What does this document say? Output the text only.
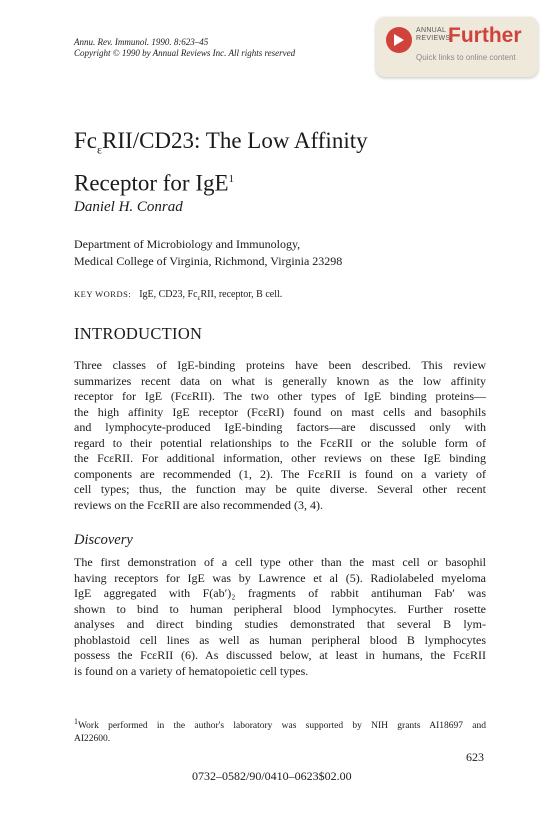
Annu. Rev. Immunol. 1990. 8:623–45
Copyright © 1990 by Annual Reviews Inc. All rights reserved
ANNUAL
REVIEWS
Further
Quick links to online content
$Fc_\varepsilon RII/CD23$: The Low Affinity
Receptor for IgE$^1$
Daniel H. Conrad
Department of Microbiology and Immunology,
Medical College of Virginia, Richmond, Virginia 23298
KEY WORDS: IgE, CD23, $Fc_\varepsilon RII$, receptor, B cell.
INTRODUCTION
Three classes of IgE-binding proteins have been described. This review
summarizes recent data on what is generally known as the low affinity
receptor for IgE (FcεRII). The two other types of IgE binding proteins—
the high affinity IgE receptor (FcεRI) found on mast cells and basophils
and lymphocyte-produced IgE-binding factors—are discussed only with
regard to their potential relationships to the FcεRII or the soluble form of
the FcεRII. For additional information, other reviews on these IgE binding
components are recommended (1, 2). The FcεRII is found on a variety of
cell types; thus, the function may be quite diverse. Several other recent
reviews on the FcεRII are also recommended (3, 4).
Discovery
The first demonstration of a cell type other than the mast cell or basophil
having receptors for IgE was by Lawrence et al (5). Radiolabeled myeloma
IgE aggregated with F(ab′)₂ fragments of rabbit antihuman Fab′ was
shown to bind to human peripheral blood lymphocytes. Further rosette
analyses and direct binding studies demonstrated that several B lym-
phoblastoid cell lines as well as human peripheral blood B lymphocytes
possess the FcεRII (6). As discussed below, at least in humans, the FcεRII
is found on a variety of hematopoietic cell types.
$^1$Work performed in the author's laboratory was supported by NIH grants AI18697 and
AI22600.
623
0732–0582/90/0410–0623$02.00
